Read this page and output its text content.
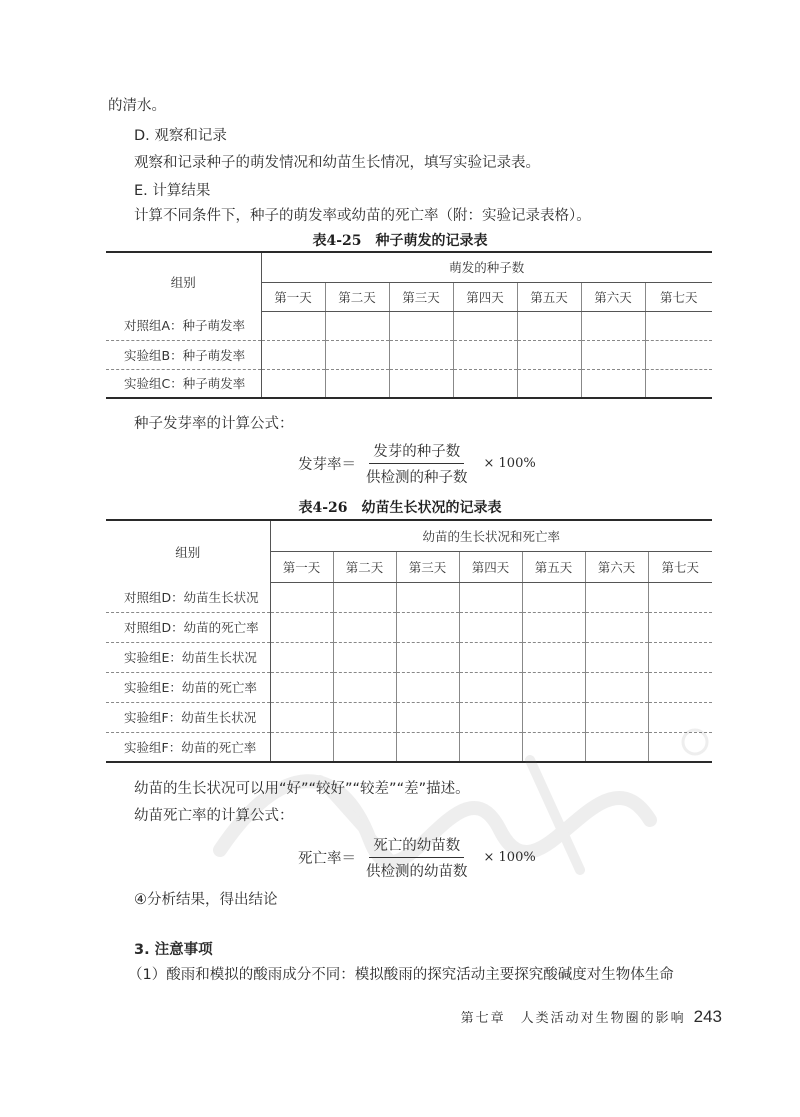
的清水。
D. 观察和记录
观察和记录种子的萌发情况和幼苗生长情况，填写实验记录表。
E. 计算结果
计算不同条件下，种子的萌发率或幼苗的死亡率（附：实验记录表格）。
表4-25 种子萌发的记录表
组别	萌发的种子数						
	第一天	第二天	第三天	第四天	第五天	第六天	第七天
对照组A：种子萌发率							
实验组B：种子萌发率							
实验组C：种子萌发率							
种子发芽率的计算公式：
发芽率＝ $\frac{\text{发芽的种子数}}{\text{供检测的种子数}} \times 100\%$
表4-26 幼苗生长状况的记录表
组别	幼苗的生长状况和死亡率						
	第一天	第二天	第三天	第四天	第五天	第六天	第七天
对照组D：幼苗生长状况							
对照组D：幼苗的死亡率							
实验组E：幼苗生长状况							
实验组E：幼苗的死亡率							
实验组F：幼苗生长状况							
实验组F：幼苗的死亡率							
幼苗的生长状况可以用“好”“较好”“较差”“差”描述。
幼苗死亡率的计算公式：
死亡率＝ $\frac{\text{死亡的幼苗数}}{\text{供检测的幼苗数}} \times 100\%$
④分析结果，得出结论
3. 注意事项
（1）酸雨和模拟的酸雨成分不同：模拟酸雨的探究活动主要探究酸碱度对生物体生命
第七章　人类活动对生物圈的影响 243
